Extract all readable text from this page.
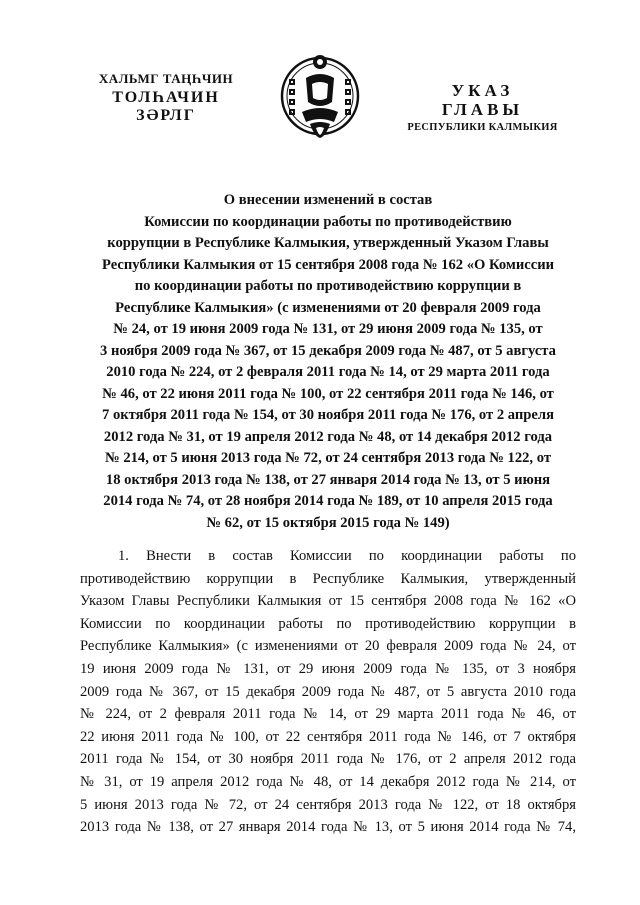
ХАЛЬМГ ТАҢҺЧИН
ТОЛҺАЧИН
ЗӘРЛГ
УКАЗ
ГЛАВЫ
РЕСПУБЛИКИ КАЛМЫКИЯ
О внесении изменений в состав
Комиссии по координации работы по противодействию
коррупции в Республике Калмыкия, утвержденный Указом Главы
Республики Калмыкия от 15 сентября 2008 года № 162 «О Комиссии
по координации работы по противодействию коррупции в
Республике Калмыкия» (с изменениями от 20 февраля 2009 года
№ 24, от 19 июня 2009 года № 131, от 29 июня 2009 года № 135, от
3 ноября 2009 года № 367, от 15 декабря 2009 года № 487, от 5 августа
2010 года № 224, от 2 февраля 2011 года № 14, от 29 марта 2011 года
№ 46, от 22 июня 2011 года № 100, от 22 сентября 2011 года № 146, от
7 октября 2011 года № 154, от 30 ноября 2011 года № 176, от 2 апреля
2012 года № 31, от 19 апреля 2012 года № 48, от 14 декабря 2012 года
№ 214, от 5 июня 2013 года № 72, от 24 сентября 2013 года № 122, от
18 октября 2013 года № 138, от 27 января 2014 года № 13, от 5 июня
2014 года № 74, от 28 ноября 2014 года № 189, от 10 апреля 2015 года
№ 62, от 15 октября 2015 года № 149)
1. Внести в состав Комиссии по координации работы по
противодействию коррупции в Республике Калмыкия, утвержденный
Указом Главы Республики Калмыкия от 15 сентября 2008 года № 162 «О
Комиссии по координации работы по противодействию коррупции в
Республике Калмыкия» (с изменениями от 20 февраля 2009 года № 24, от
19 июня 2009 года № 131, от 29 июня 2009 года № 135, от 3 ноября
2009 года № 367, от 15 декабря 2009 года № 487, от 5 августа 2010 года
№ 224, от 2 февраля 2011 года № 14, от 29 марта 2011 года № 46, от
22 июня 2011 года № 100, от 22 сентября 2011 года № 146, от 7 октября
2011 года № 154, от 30 ноября 2011 года № 176, от 2 апреля 2012 года
№ 31, от 19 апреля 2012 года № 48, от 14 декабря 2012 года № 214, от
5 июня 2013 года № 72, от 24 сентября 2013 года № 122, от 18 октября
2013 года № 138, от 27 января 2014 года № 13, от 5 июня 2014 года № 74,
